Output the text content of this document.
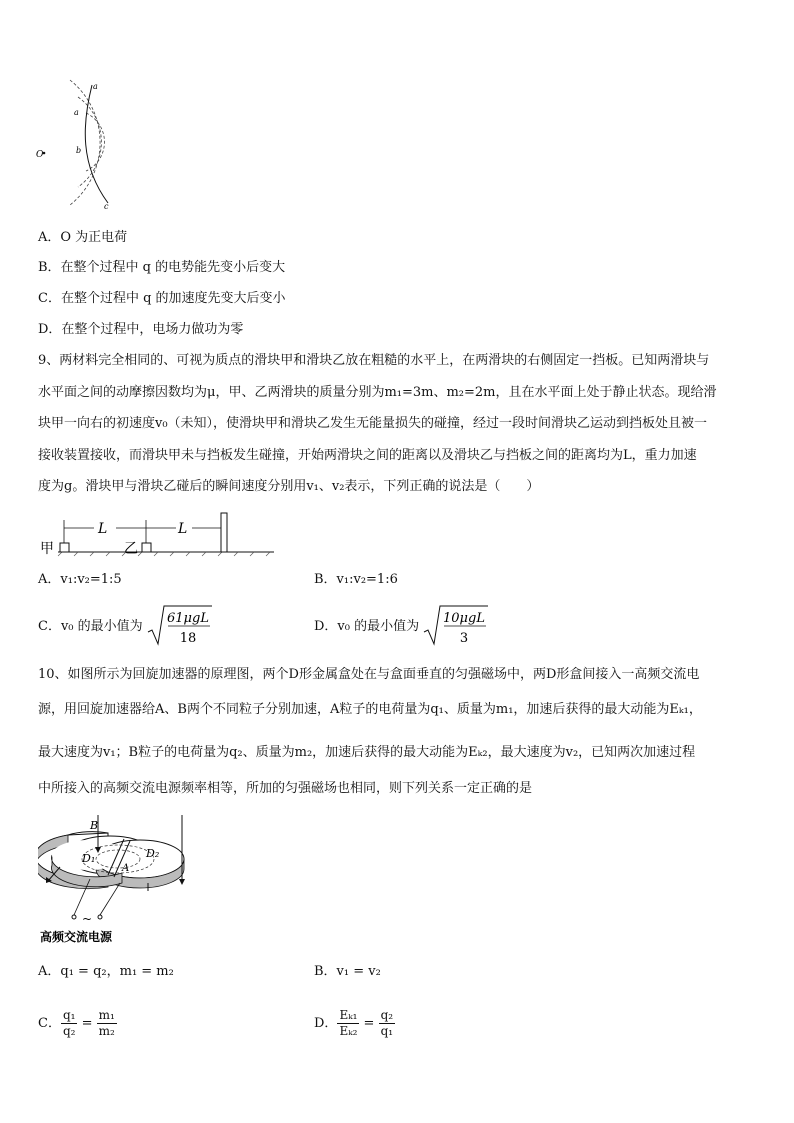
O
a
a
b
c
A．O 为正电荷
B．在整个过程中 q 的电势能先变小后变大
C．在整个过程中 q 的加速度先变大后变小
D．在整个过程中，电场力做功为零
9、两材料完全相同的、可视为质点的滑块甲和滑块乙放在粗糙的水平上，在两滑块的右侧固定一挡板。已知两滑块与
水平面之间的动摩擦因数均为μ，甲、乙两滑块的质量分别为m₁=3m、m₂=2m，且在水平面上处于静止状态。现给滑
块甲一向右的初速度v₀（未知），使滑块甲和滑块乙发生无能量损失的碰撞，经过一段时间滑块乙运动到挡板处且被一
接收装置接收，而滑块甲未与挡板发生碰撞，开始两滑块之间的距离以及滑块乙与挡板之间的距离均为L，重力加速
度为g。滑块甲与滑块乙碰后的瞬间速度分别用v₁、v₂表示，下列正确的说法是（　　）
L	L
甲	乙
A．v₁:v₂=1:5	B．v₁:v₂=1:6
C．v₀ 的最小值为
61μgL
18
D．v₀ 的最小值为
10μgL
3
10、如图所示为回旋加速器的原理图，两个D形金属盒处在与盒面垂直的匀强磁场中，两D形盒间接入一高频交流电
源，用回旋加速器给A、B两个不同粒子分别加速，A粒子的电荷量为q₁、质量为m₁，加速后获得的最大动能为Eₖ₁，
最大速度为v₁；B粒子的电荷量为q₂、质量为m₂，加速后获得的最大动能为Eₖ₂，最大速度为v₂，已知两次加速过程
中所接入的高频交流电源频率相等，所加的匀强磁场也相同，则下列关系一定正确的是
B
D₁	D₂
A
~
高频交流电源
A．q₁ = q₂，m₁ = m₂	B．v₁ = v₂
C． $\frac{\text{q₁}}{\text{q₂}} = \frac{\text{m₁}}{\text{m₂}}$	D． $\frac{\text{Eₖ₁}}{\text{Eₖ₂}} = \frac{\text{q₂}}{\text{q₁}}$
